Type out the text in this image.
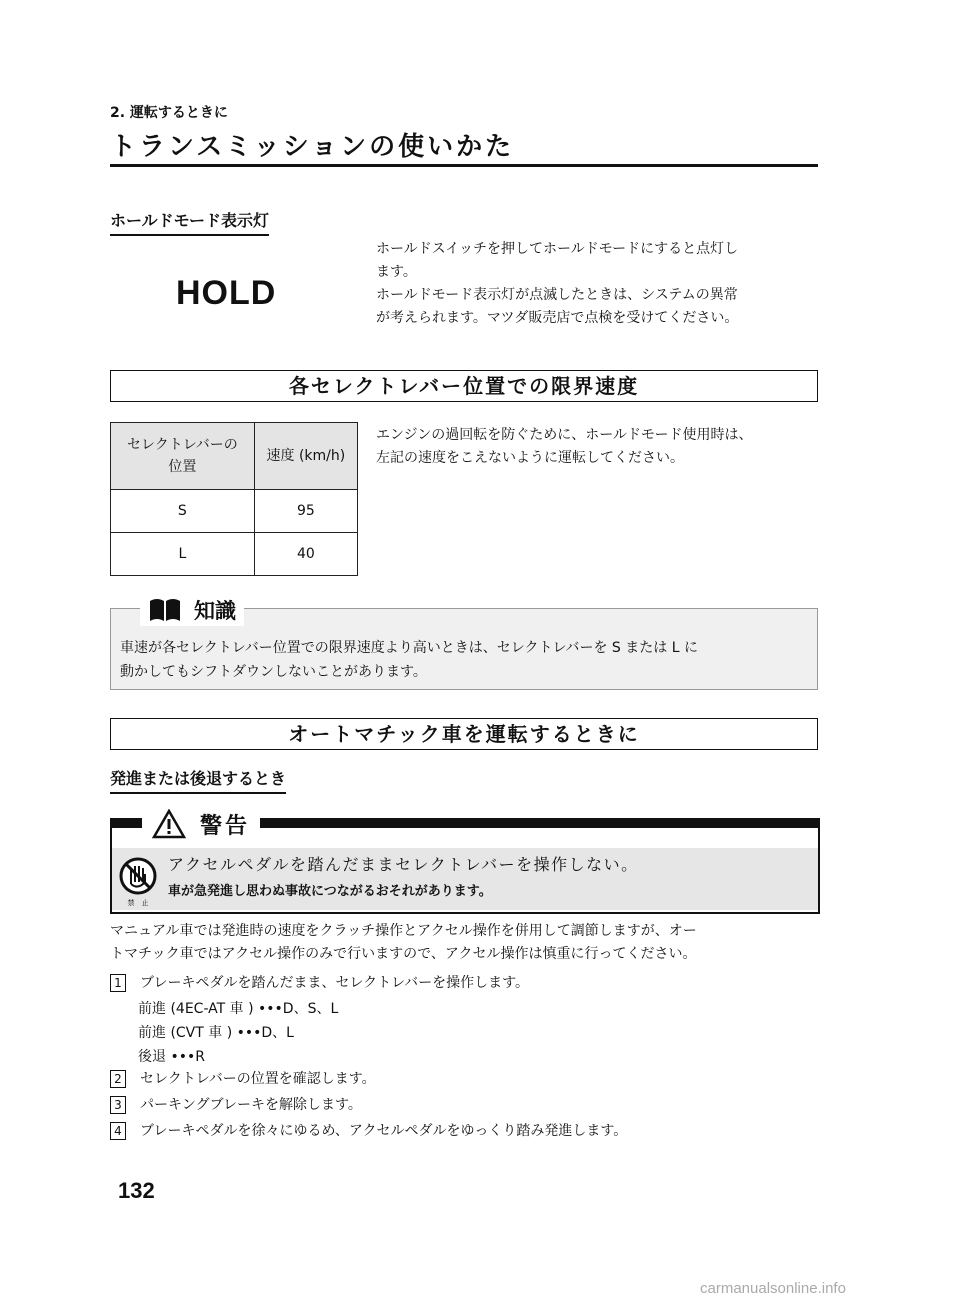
2. 運転するときに
トランスミッションの使いかた
ホールドモード表示灯
HOLD
ホールドスイッチを押してホールドモードにすると点灯し
ます。
ホールドモード表示灯が点滅したときは、システムの異常
が考えられます。マツダ販売店で点検を受けてください。
各セレクトレバー位置での限界速度
セレクトレバーの
位置	速度 (km/h)
S	95
L	40
エンジンの過回転を防ぐために、ホールドモード使用時は、
左記の速度をこえないように運転してください。
知識
車速が各セレクトレバー位置での限界速度より高いときは、セレクトレバーを S または L に
動かしてもシフトダウンしないことがあります。
オートマチック車を運転するときに
発進または後退するとき
警告
禁　止
アクセルペダルを踏んだままセレクトレバーを操作しない。
車が急発進し思わぬ事故につながるおそれがあります。
マニュアル車では発進時の速度をクラッチ操作とアクセル操作を併用して調節しますが、オー
トマチック車ではアクセル操作のみで行いますので、アクセル操作は慎重に行ってください。
1 ブレーキペダルを踏んだまま、セレクトレバーを操作します。
前進 (4EC-AT 車 ) •••D、S、L
前進 (CVT 車 ) •••D、L
後退 •••R
2 セレクトレバーの位置を確認します。
3 パーキングブレーキを解除します。
4 ブレーキペダルを徐々にゆるめ、アクセルペダルをゆっくり踏み発進します。
132
carmanualsonline.info
